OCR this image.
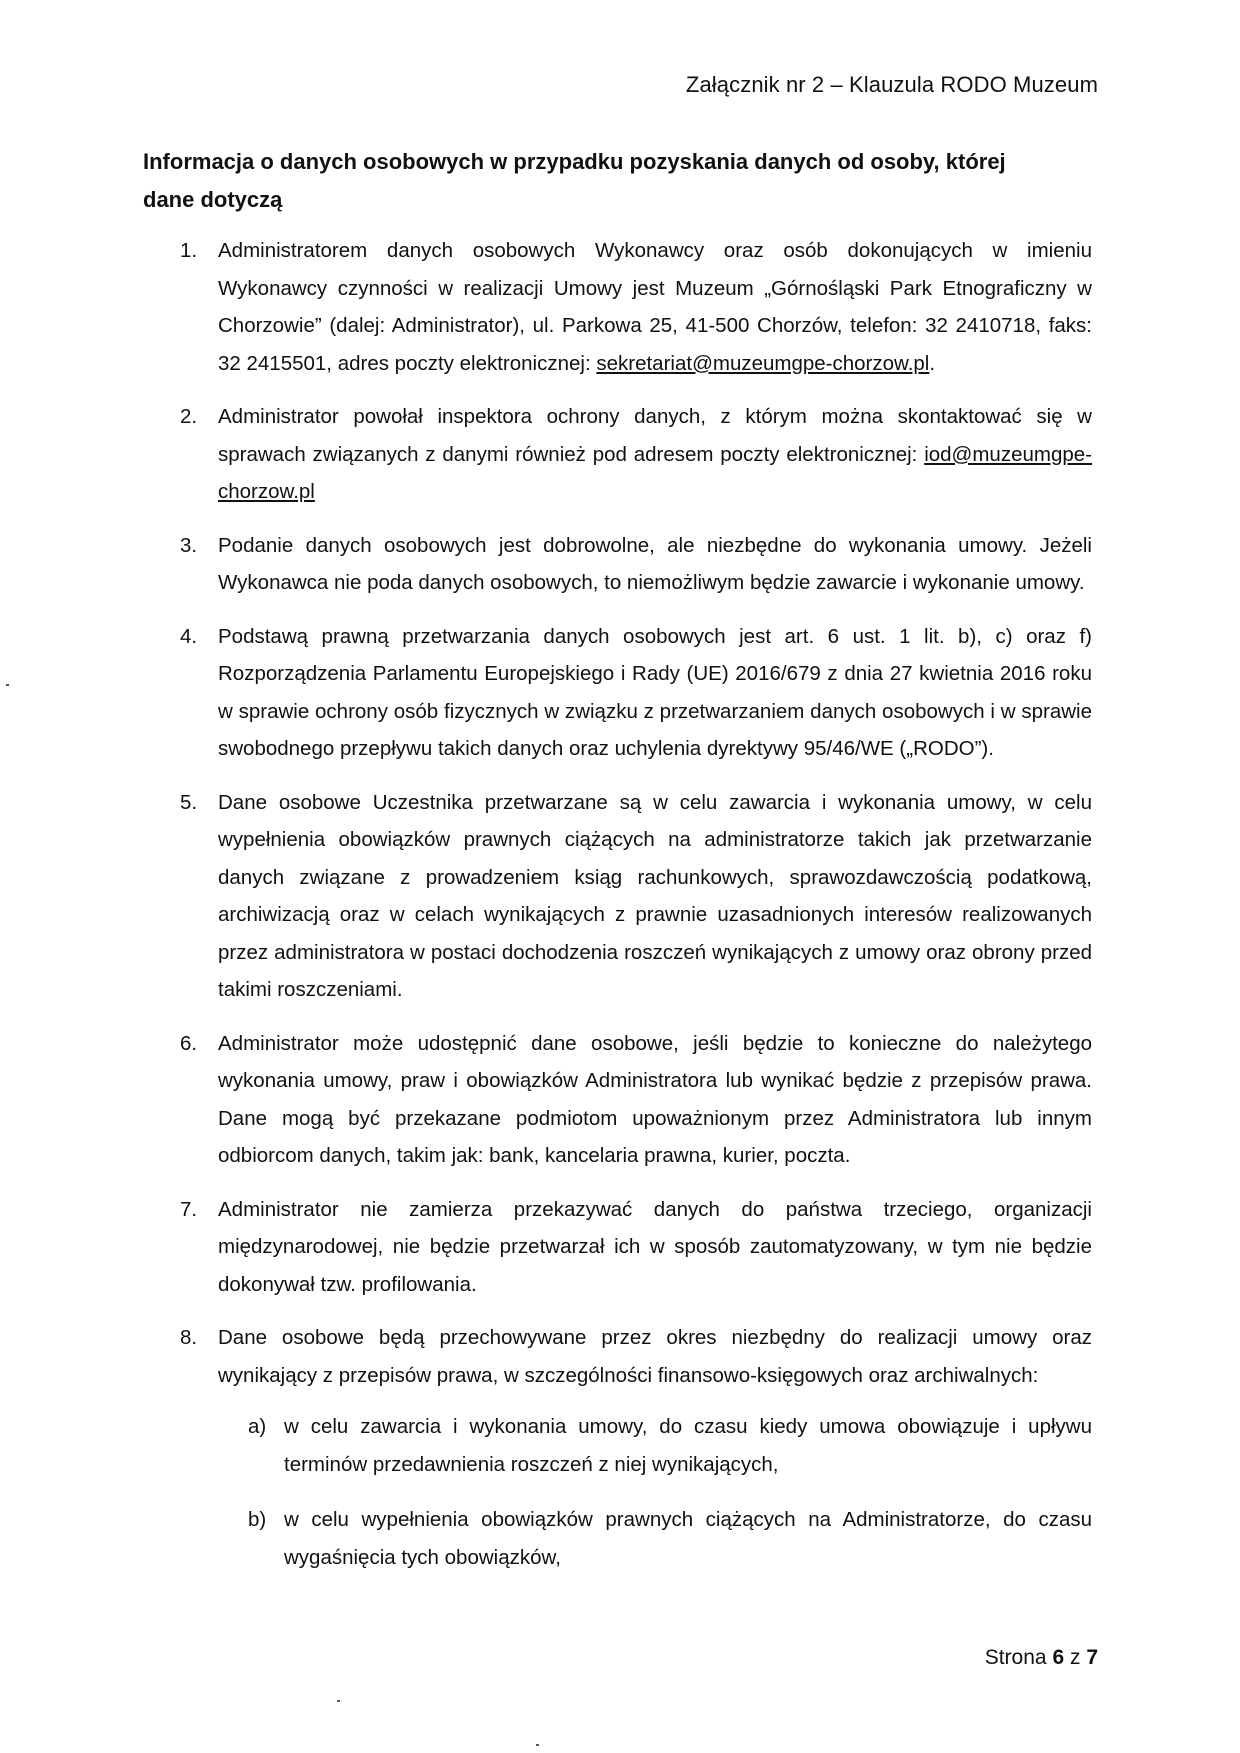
Załącznik nr 2 – Klauzula RODO Muzeum
Informacja o danych osobowych w przypadku pozyskania danych od osoby, której dane dotyczą
1. Administratorem danych osobowych Wykonawcy oraz osób dokonujących w imieniu Wykonawcy czynności w realizacji Umowy jest Muzeum „Górnośląski Park Etnograficzny w Chorzowie” (dalej: Administrator), ul. Parkowa 25, 41-500 Chorzów, telefon: 32 2410718, faks: 32 2415501, adres poczty elektronicznej: sekretariat@muzeumgpe-chorzow.pl.
2. Administrator powołał inspektora ochrony danych, z którym można skontaktować się w sprawach związanych z danymi również pod adresem poczty elektronicznej: iod@muzeumgpe-chorzow.pl
3. Podanie danych osobowych jest dobrowolne, ale niezbędne do wykonania umowy. Jeżeli Wykonawca nie poda danych osobowych, to niemożliwym będzie zawarcie i wykonanie umowy.
4. Podstawą prawną przetwarzania danych osobowych jest art. 6 ust. 1 lit. b), c) oraz f) Rozporządzenia Parlamentu Europejskiego i Rady (UE) 2016/679 z dnia 27 kwietnia 2016 roku w sprawie ochrony osób fizycznych w związku z przetwarzaniem danych osobowych i w sprawie swobodnego przepływu takich danych oraz uchylenia dyrektywy 95/46/WE („RODO”).
5. Dane osobowe Uczestnika przetwarzane są w celu zawarcia i wykonania umowy, w celu wypełnienia obowiązków prawnych ciążących na administratorze takich jak przetwarzanie danych związane z prowadzeniem ksiąg rachunkowych, sprawozdawczością podatkową, archiwizacją oraz w celach wynikających z prawnie uzasadnionych interesów realizowanych przez administratora w postaci dochodzenia roszczeń wynikających z umowy oraz obrony przed takimi roszczeniami.
6. Administrator może udostępnić dane osobowe, jeśli będzie to konieczne do należytego wykonania umowy, praw i obowiązków Administratora lub wynikać będzie z przepisów prawa. Dane mogą być przekazane podmiotom upoważnionym przez Administratora lub innym odbiorcom danych, takim jak: bank, kancelaria prawna, kurier, poczta.
7. Administrator nie zamierza przekazywać danych do państwa trzeciego, organizacji międzynarodowej, nie będzie przetwarzał ich w sposób zautomatyzowany, w tym nie będzie dokonywał tzw. profilowania.
8. Dane osobowe będą przechowywane przez okres niezbędny do realizacji umowy oraz wynikający z przepisów prawa, w szczególności finansowo-księgowych oraz archiwalnych:
a) w celu zawarcia i wykonania umowy, do czasu kiedy umowa obowiązuje i upływu terminów przedawnienia roszczeń z niej wynikających,
b) w celu wypełnienia obowiązków prawnych ciążących na Administratorze, do czasu wygaśnięcia tych obowiązków,
Strona 6 z 7
